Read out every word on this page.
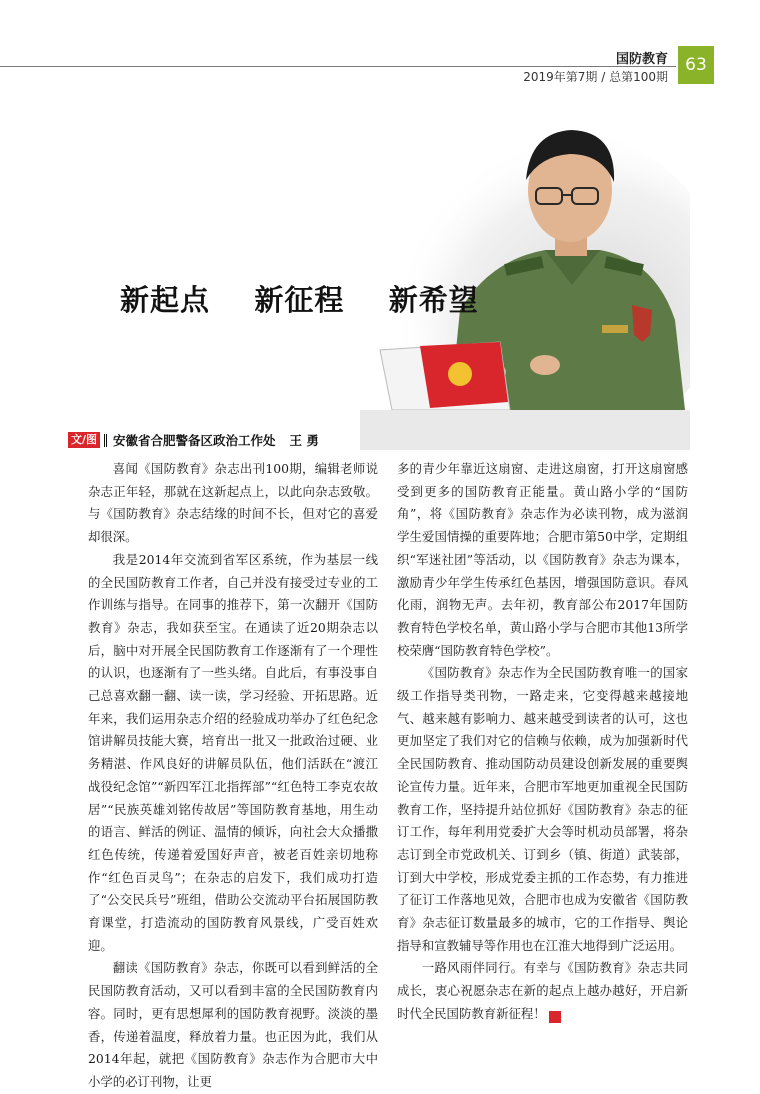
国防教育
2019年第7期 / 总第100期
63
新起点    新征程    新希望
文/图 安徽省合肥警备区政治工作处 王 勇

喜闻《国防教育》杂志出刊100期，编辑老师说杂志正年轻，那就在这新起点上，以此向杂志致敬。与《国防教育》杂志结缘的时间不长，但对它的喜爱却很深。

我是2014年交流到省军区系统，作为基层一线的全民国防教育工作者，自己并没有接受过专业的工作训练与指导。在同事的推荐下，第一次翻开《国防教育》杂志，我如获至宝。在通读了近20期杂志以后，脑中对开展全民国防教育工作逐渐有了一个理性的认识，也逐渐有了一些头绪。自此后，有事没事自己总喜欢翻一翻、读一读，学习经验、开拓思路。近年来，我们运用杂志介绍的经验成功举办了红色纪念馆讲解员技能大赛，培育出一批又一批政治过硬、业务精湛、作风良好的讲解员队伍，他们活跃在“渡江战役纪念馆”“新四军江北指挥部”“红色特工李克农故居”“民族英雄刘铭传故居”等国防教育基地，用生动的语言、鲜活的例证、温情的倾诉，向社会大众播撒红色传统，传递着爱国好声音，被老百姓亲切地称作“红色百灵鸟”；在杂志的启发下，我们成功打造了“公交民兵号”班组，借助公交流动平台拓展国防教育课堂，打造流动的国防教育风景线，广受百姓欢迎。

翻读《国防教育》杂志，你既可以看到鲜活的全民国防教育活动，又可以看到丰富的全民国防教育内容。同时，更有思想犀利的国防教育视野。淡淡的墨香，传递着温度，释放着力量。也正因为此，我们从2014年起，就把《国防教育》杂志作为合肥市大中小学的必订刊物，让更

多的青少年靠近这扇窗、走进这扇窗，打开这扇窗感受到更多的国防教育正能量。黄山路小学的“国防角”，将《国防教育》杂志作为必读刊物，成为滋润学生爱国情操的重要阵地；合肥市第50中学，定期组织“军迷社团”等活动，以《国防教育》杂志为课本，激励青少年学生传承红色基因，增强国防意识。春风化雨，润物无声。去年初，教育部公布2017年国防教育特色学校名单，黄山路小学与合肥市其他13所学校荣膺“国防教育特色学校”。

《国防教育》杂志作为全民国防教育唯一的国家级工作指导类刊物，一路走来，它变得越来越接地气、越来越有影响力、越来越受到读者的认可，这也更加坚定了我们对它的信赖与依赖，成为加强新时代全民国防教育、推动国防动员建设创新发展的重要舆论宣传力量。近年来，合肥市军地更加重视全民国防教育工作，坚持提升站位抓好《国防教育》杂志的征订工作，每年利用党委扩大会等时机动员部署，将杂志订到全市党政机关、订到乡（镇、街道）武装部，订到大中学校，形成党委主抓的工作态势，有力推进了征订工作落地见效，合肥市也成为安徽省《国防教育》杂志征订数量最多的城市，它的工作指导、舆论指导和宣教辅导等作用也在江淮大地得到广泛运用。

一路风雨伴同行。有幸与《国防教育》杂志共同成长，衷心祝愿杂志在新的起点上越办越好，开启新时代全民国防教育新征程！	G
